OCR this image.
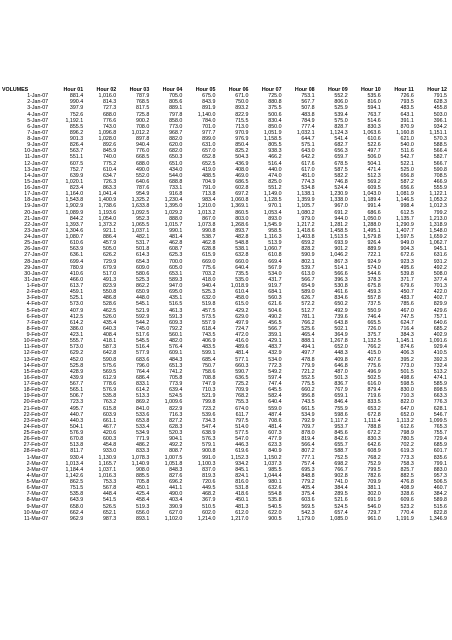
VOLUMES	Hour 01	Hour 02	Hour 03	Hour 04	Hour 05	Hour 06	Hour 07	Hour 08	Hour 09	Hour 10	Hour 11	Hour 12
1-Jan-07	881.4	1,016.0	787.9	705.0	675.0	671.0	725.0	753.1	552.2	535.6	726.6	791.5
2-Jan-07	990.4	814.3	768.5	805.6	843.9	750.0	880.8	567.7	806.0	816.0	793.5	628.3
3-Jan-07	397.9	727.3	817.5	889.1	891.9	893.2	375.5	507.8	525.9	594.1	483.5	455.8
4-Jan-07	752.6	688.0	725.8	797.8	1,140.0	822.9	500.6	483.8	539.4	763.7	643.1	503.0
5-Jan-07	1,192.1	776.6	900.2	858.0	784.0	715.5	830.4	784.9	575.0	514.6	391.1	396.1
6-Jan-07	855.5	743.0	708.0	773.0	701.0	713.0	850.0	777.4	828.7	830.3	870.9	934.2
7-Jan-07	896.2	1,096.8	1,012.2	968.7	977.7	970.9	1,051.9	1,032.1	1,124.3	1,063.6	1,160.8	1,151.1
8-Jan-07	901.3	1,028.0	897.8	882.0	899.0	976.9	1,158.5	644.7	541.4	610.6	621.0	570.3
9-Jan-07	826.4	892.6	940.4	620.0	631.0	850.4	805.5	575.1	682.7	522.6	540.0	588.5
10-Jan-07	563.7	845.9	776.0	682.0	657.0	825.2	938.3	643.0	656.3	497.7	511.6	566.4
11-Jan-07	551.1	740.0	668.5	650.3	652.8	504.3	466.2	642.2	659.7	506.0	542.7	582.7
12-Jan-07	607.5	775.2	688.0	651.0	652.5	436.9	516.4	617.6	678.5	504.1	522.1	566.7
13-Jan-07	752.7	610.4	490.0	434.0	419.0	408.0	440.0	617.0	587.5	471.4	525.0	590.8
14-Jan-07	639.9	634.7	552.0	544.0	488.5	469.0	474.0	451.0	582.2	512.3	656.8	708.5
15-Jan-07	1,020.1	726.3	640.6	688.8	704.9	686.5	825.0	774.3	746.8	569.2	587.2	466.9
16-Jan-07	823.4	863.3	787.6	733.1	791.0	602.8	551.2	534.8	524.4	609.5	656.6	555.9
17-Jan-07	1,164.0	1,041.4	954.9	916.8	713.8	697.2	1,149.0	1,138.1	1,230.9	1,043.0	1,081.9	1,122.1
18-Jan-07	1,543.8	1,400.9	1,325.2	1,230.4	983.4	1,060.8	1,128.5	1,359.9	1,338.0	1,189.4	1,146.5	1,053.2
19-Jan-07	1,902.9	1,738.6	1,633.8	1,395.0	1,210.0	1,369.1	970.1	1,105.7	967.0	991.4	998.4	1,012.3
20-Jan-07	1,089.9	1,193.6	1,092.5	1,029.2	1,013.2	860.5	1,053.4	1,080.2	691.2	686.6	612.5	799.2
21-Jan-07	844.2	1,054.0	952.3	888.0	867.0	803.0	893.0	979.0	944.0	1,050.0	1,135.7	1,213.0
22-Jan-07	1,393.7	1,373.2	1,065.5	1,015.7	1,073.8	1,268.6	1,545.9	1,217.2	1,281.2	1,288.0	1,290.9	1,318.9
23-Jan-07	1,304.6	921.1	1,037.1	990.1	990.8	893.7	958.5	1,418.6	1,458.5	1,495.1	1,407.7	1,548.0
24-Jan-07	1,080.7	886.4	482.1	481.4	538.7	482.8	1,116.3	1,403.8	1,513.5	1,579.8	1,597.5	1,659.2
25-Jan-07	610.6	457.9	531.7	462.8	462.8	548.8	513.9	659.2	693.9	926.4	949.0	1,062.7
26-Jan-07	563.9	505.0	501.8	608.7	628.8	538.1	1,060.7	828.2	901.2	889.9	904.3	945.1
27-Jan-07	636.1	626.2	614.3	625.3	615.9	632.8	610.8	590.9	1,046.2	722.1	672.6	631.6
28-Jan-07	699.4	729.9	654.3	700.0	669.0	660.0	669.4	802.1	867.3	924.9	923.3	931.2
29-Jan-07	780.9	679.9	609.0	605.0	775.6	640.4	567.9	539.7	514.1	574.0	495.6	492.2
30-Jan-07	410.6	517.0	580.6	653.1	703.2	735.5	534.0	613.0	566.6	544.6	539.8	508.0
31-Jan-07	466.0	491.3	525.3	589.3	418.0	535.0	431.7	566.7	396.3	378.3	371.7	377.4
1-Feb-07	613.7	823.9	862.2	947.0	940.4	1,018.9	919.7	654.9	530.8	675.8	679.6	701.3
2-Feb-07	459.1	550.8	650.9	695.0	525.3	610.4	684.1	589.0	461.6	459.3	450.7	422.0
3-Feb-07	525.1	486.8	448.0	435.1	632.0	458.0	560.3	626.7	834.6	557.8	483.7	402.7
4-Feb-07	573.0	528.6	545.1	516.5	519.8	615.0	621.6	572.2	650.2	737.5	785.6	829.9
5-Feb-07	407.9	462.5	521.9	461.3	457.5	429.2	504.6	512.7	492.9	550.9	467.0	429.6
6-Feb-07	412.5	526.0	592.9	591.3	573.5	629.0	490.2	781.1	739.6	746.4	747.5	757.1
7-Feb-07	614.2	435.4	544.2	609.3	557.9	497.9	456.5	766.2	643.8	665.5	624.7	640.6
8-Feb-07	386.0	640.3	745.0	792.2	618.4	724.7	566.7	525.6	502.1	726.0	716.4	685.2
9-Feb-07	423.1	408.4	517.6	560.1	743.5	472.0	359.1	465.4	364.9	375.7	384.3	402.9
10-Feb-07	555.7	418.1	545.5	482.0	406.9	416.0	429.1	888.1	1,267.8	1,132.5	1,145.1	1,091.6
11-Feb-07	573.0	587.3	516.4	576.4	483.5	489.6	483.7	494.1	652.0	766.2	874.6	929.4
12-Feb-07	629.2	642.8	577.9	609.1	599.1	481.4	432.9	497.7	448.3	415.0	406.3	410.5
13-Feb-07	452.0	590.8	683.6	484.3	685.4	577.1	534.0	478.8	409.8	407.6	395.2	392.3
14-Feb-07	525.8	575.6	796.0	651.3	750.7	660.3	772.3	779.9	646.8	775.6	773.0	732.4
15-Feb-07	428.9	569.5	764.4	741.2	758.6	590.7	549.2	721.2	487.0	496.9	501.5	513.2
16-Feb-07	439.9	612.9	686.4	705.8	708.8	636.5	597.4	552.5	501.3	502.5	498.6	474.1
17-Feb-07	567.7	778.6	833.1	773.9	747.9	725.2	747.4	775.5	836.7	616.0	598.5	585.9
18-Feb-07	565.1	576.9	614.2	639.4	710.3	709.9	645.5	660.2	767.9	879.4	830.0	898.5
19-Feb-07	506.7	535.8	513.3	524.5	521.9	768.2	582.4	956.8	659.1	719.6	710.3	663.3
20-Feb-07	723.3	763.2	869.2	1,009.6	799.8	755.3	640.4	743.5	846.4	833.5	822.0	776.3
21-Feb-07	495.7	615.8	841.0	822.9	723.2	674.0	559.0	661.5	755.9	653.2	647.0	628.1
22-Feb-07	440.7	603.9	533.6	716.3	539.6	611.7	487.4	534.9	598.6	672.8	652.0	546.7
23-Feb-07	440.3	661.1	653.8	827.2	734.3	797.5	708.6	792.9	1,117.2	1,111.4	1,113.2	1,099.5
24-Feb-07	504.1	467.7	533.4	628.3	547.4	514.0	481.4	709.7	953.7	788.8	612.6	765.3
25-Feb-07	576.9	420.6	534.9	520.3	638.9	577.5	607.3	878.0	845.6	672.2	798.9	755.7
26-Feb-07	670.8	600.3	771.9	904.1	576.3	547.0	477.9	819.4	842.6	830.3	780.5	729.4
27-Feb-07	513.8	454.8	486.2	492.2	579.1	446.3	623.3	566.4	655.7	642.6	702.2	685.9
28-Feb-07	811.7	933.0	833.3	808.7	900.8	619.6	840.9	807.2	588.7	608.9	619.3	601.7
1-Mar-07	930.4	1,130.9	1,078.3	1,007.5	991.0	1,152.3	1,150.2	777.1	752.5	768.2	773.3	835.6
2-Mar-07	1,013.4	1,165.7	1,140.9	1,051.8	1,100.3	934.2	1,037.3	757.4	698.2	752.9	758.3	799.1
3-Mar-07	1,184.4	1,037.1	908.0	848.3	837.0	845.1	985.5	695.3	766.7	799.5	825.7	883.0
4-Mar-07	1,142.6	1,016.3	885.5	827.6	819.3	824.1	1,044.4	848.8	902.8	782.6	882.5	957.3
5-Mar-07	862.5	753.3	705.8	696.2	720.6	816.0	980.1	779.2	741.0	709.9	476.8	506.5
6-Mar-07	751.5	567.8	450.1	441.1	449.5	531.8	632.6	405.4	384.4	381.1	408.9	460.7
7-Mar-07	535.8	448.4	425.4	490.0	468.2	418.6	554.8	375.4	289.5	302.0	328.6	384.2
8-Mar-07	643.9	541.5	458.4	403.4	367.9	450.1	535.8	603.6	521.6	691.9	609.6	589.8
9-Mar-07	658.0	526.5	519.3	390.9	510.5	481.3	540.5	569.5	524.5	546.0	523.2	515.6
10-Mar-07	662.4	652.1	656.0	627.0	602.0	612.0	622.0	542.3	657.4	729.7	770.4	822.8
11-Mar-07	962.9	987.3	893.1	1,102.0	1,214.0	1,217.0	900.5	1,179.0	1,085.0	961.0	1,191.9	1,346.9
